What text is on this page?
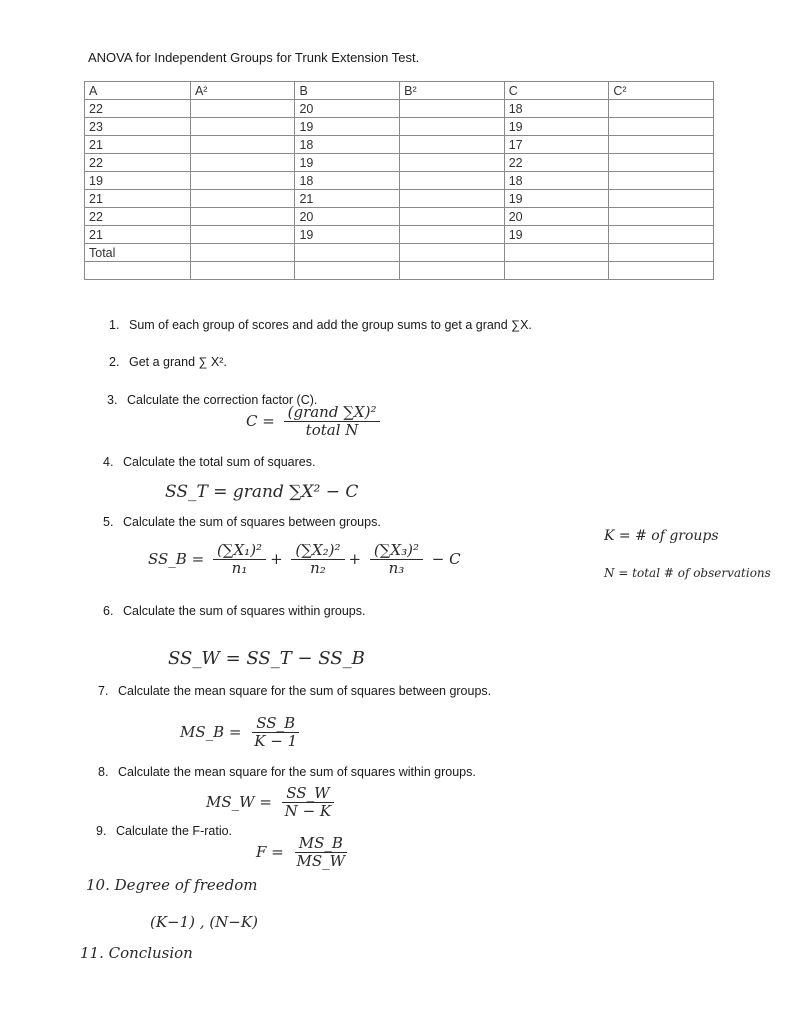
ANOVA for Independent Groups for Trunk Extension Test.
A	A²	B	B²	C	C²
22		20		18	
23		19		19	
21		18		17	
22		19		22	
19		18		18	
21		21		19	
22		20		20	
21		19		19	
Total					

1. Sum of each group of scores and add the group sums to get a grand ∑X.
2. Get a grand ∑ X².
3. Calculate the correction factor (C).
4. Calculate the total sum of squares.
5. Calculate the sum of squares between groups.
6. Calculate the sum of squares within groups.
7. Calculate the mean square for the sum of squares between groups.
8. Calculate the mean square for the sum of squares within groups.
9. Calculate the F-ratio.
$C = \frac{\text{(grand ∑X)²}}{\text{total N}}$
SS_T = grand ∑X² − C
SS_B = $\frac{\text{(∑X₁)²}}{\text{n₁}} + \frac{\text{(∑X₂)²}}{\text{n₂}} + \frac{\text{(∑X₃)²}}{\text{n₃}} - C$
K = # of groups
N = total # of observations
SS_W = SS_T − SS_B
MS_B = $\frac{SS\_B}{K - 1}$
MS_W = $\frac{SS\_W}{N - K}$
$F = \frac{MS\_B}{MS\_W}$
10. Degree of freedom
(K−1) , (N−K)
11. Conclusion
